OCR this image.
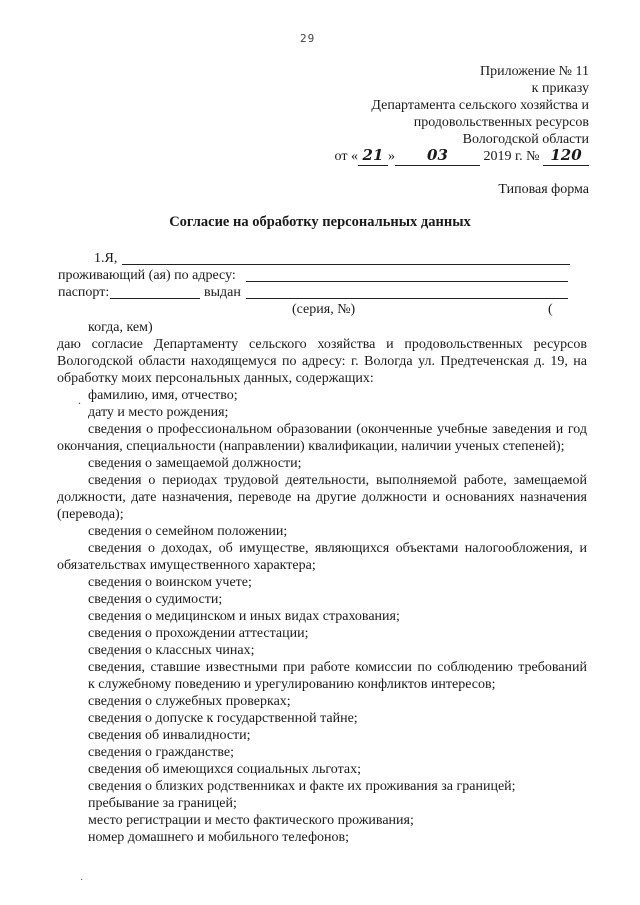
29
Приложение № 11
к приказу
Департамента сельского хозяйства и
продовольственных ресурсов
Вологодской области
от « 21 » 03	2019 г. № 120
Типовая форма
Согласие на обработку персональных данных
1.Я,
проживающий (ая) по адресу:
паспорт:	выдан
(серия, №)	(
когда, кем)
.

даю согласие Департаменту сельского хозяйства и продовольственных ресурсов Вологодской области находящемуся по адресу: г. Вологда ул. Предтеченская д. 19, на обработку моих персональных данных, содержащих:

фамилию, имя, отчество;
дату и место рождения;

сведения о профессиональном образовании (оконченные учебные заведения и год окончания, специальности (направлении) квалификации, наличии ученых степеней);

сведения о замещаемой должности;

сведения о периодах трудовой деятельности, выполняемой работе, замещаемой должности, дате назначения, переводе на другие должности и основаниях назначения (перевода);

сведения о семейном положении;

сведения о доходах, об имуществе, являющихся объектами налогообложения, и обязательствах имущественного характера;

сведения о воинском учете;
сведения о судимости;
сведения о медицинском и иных видах страхования;
сведения о прохождении аттестации;
сведения о классных чинах;
сведения, ставшие известными при работе комиссии по соблюдению требований
к служебному поведению и урегулированию конфликтов интересов;
сведения о служебных проверках;
сведения о допуске к государственной тайне;
сведения об инвалидности;
сведения о гражданстве;
сведения об имеющихся социальных льготах;
сведения о близких родственниках и факте их проживания за границей;
пребывание за границей;
место регистрации и место фактического проживания;
номер домашнего и мобильного телефонов;
·
